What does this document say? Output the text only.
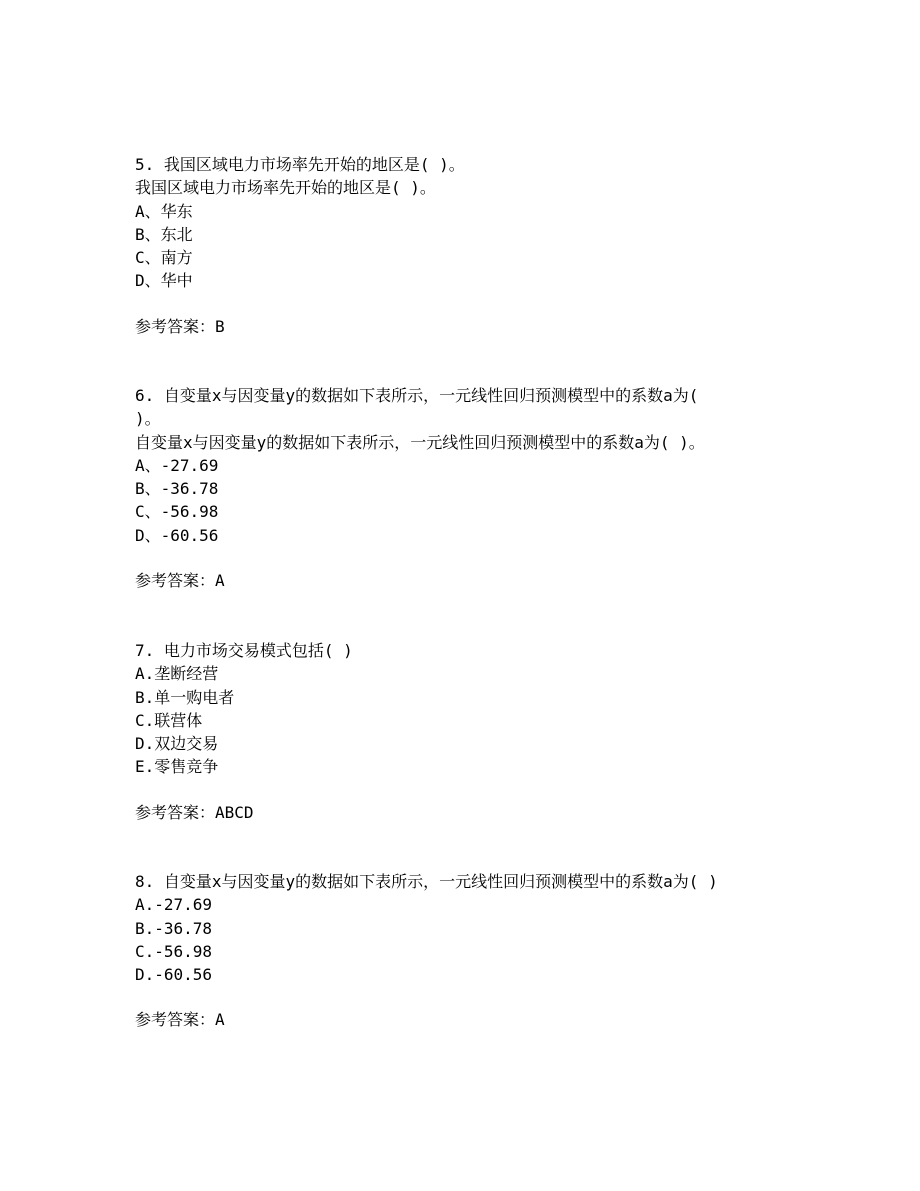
5. 我国区域电力市场率先开始的地区是( )。
我国区域电力市场率先开始的地区是( )。
A、华东
B、东北
C、南方
D、华中
参考答案：B
6. 自变量x与因变量y的数据如下表所示，一元线性回归预测模型中的系数a为(
)。
自变量x与因变量y的数据如下表所示，一元线性回归预测模型中的系数a为( )。
A、-27.69
B、-36.78
C、-56.98
D、-60.56
参考答案：A
7. 电力市场交易模式包括( )
A.垄断经营
B.单一购电者
C.联营体
D.双边交易
E.零售竞争
参考答案：ABCD
8. 自变量x与因变量y的数据如下表所示，一元线性回归预测模型中的系数a为( )
A.-27.69
B.-36.78
C.-56.98
D.-60.56
参考答案：A
